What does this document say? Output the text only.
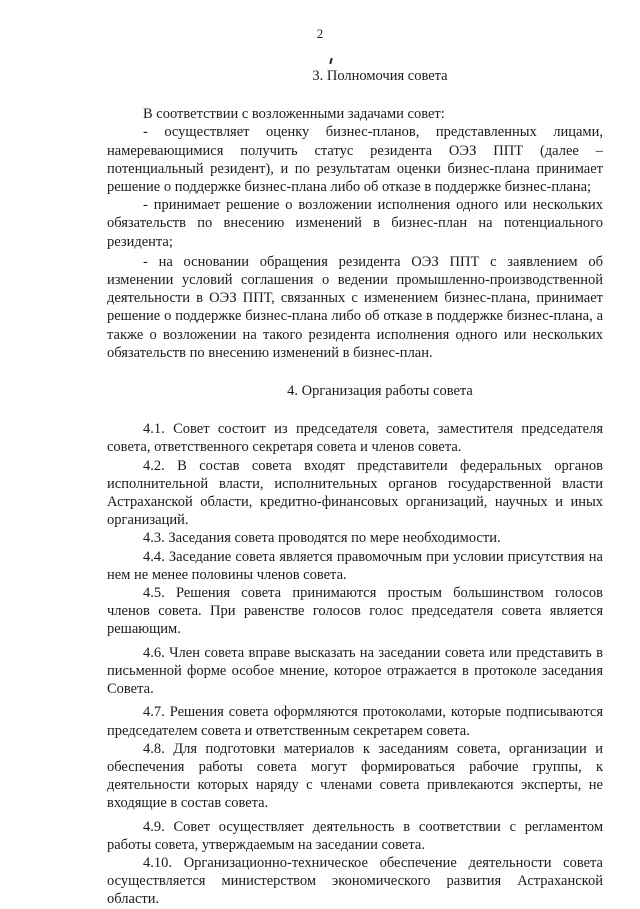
2
3. Полномочия совета

В соответствии с возложенными задачами совет:

- осуществляет оценку бизнес-планов, представленных лицами, намеревающимися получить статус резидента ОЭЗ ППТ (далее – потенциальный резидент), и по результатам оценки бизнес-плана принимает решение о поддержке бизнес-плана либо об отказе в поддержке бизнес-плана;

- принимает решение о возложении исполнения одного или нескольких обязательств по внесению изменений в бизнес-план на потенциального резидента;

- на основании обращения резидента ОЭЗ ППТ с заявлением об изменении условий соглашения о ведении промышленно-производственной деятельности в ОЭЗ ППТ, связанных с изменением бизнес-плана, принимает решение о поддержке бизнес-плана либо об отказе в поддержке бизнес-плана, а также о возложении на такого резидента исполнения одного или нескольких обязательств по внесению изменений в бизнес-план.

4. Организация работы совета

4.1. Совет состоит из председателя совета, заместителя председателя совета, ответственного секретаря совета и членов совета.

4.2. В состав совета входят представители федеральных органов исполнительной власти, исполнительных органов государственной власти Астраханской области, кредитно-финансовых организаций, научных и иных организаций.

4.3. Заседания совета проводятся по мере необходимости.

4.4. Заседание совета является правомочным при условии присутствия на нем не менее половины членов совета.

4.5. Решения совета принимаются простым большинством голосов членов совета. При равенстве голосов голос председателя совета является решающим.

4.6. Член совета вправе высказать на заседании совета или представить в письменной форме особое мнение, которое отражается в протоколе заседания Совета.

4.7. Решения совета оформляются протоколами, которые подписываются председателем совета и ответственным секретарем совета.

4.8. Для подготовки материалов к заседаниям совета, организации и обеспечения работы совета могут формироваться рабочие группы, к деятельности которых наряду с членами совета привлекаются эксперты, не входящие в состав совета.

4.9. Совет осуществляет деятельность в соответствии с регламентом работы совета, утверждаемым на заседании совета.

4.10. Организационно-техническое обеспечение деятельности совета осуществляется министерством экономического развития Астраханской области.
